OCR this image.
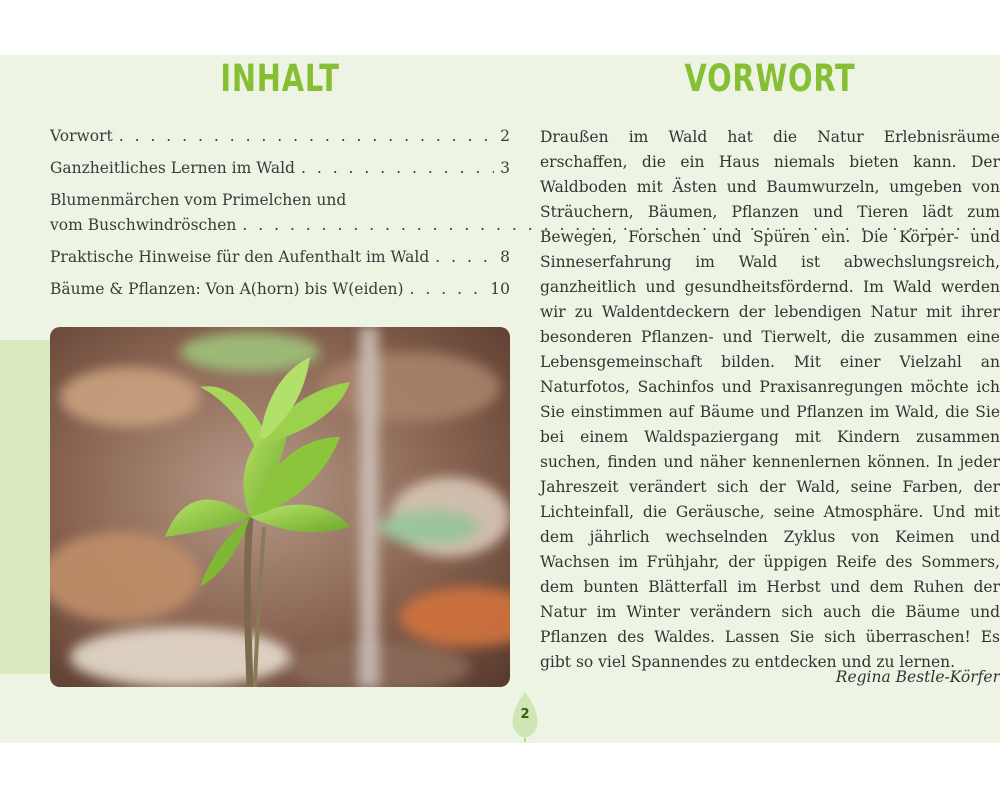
INHALT	VORWORT
Vorwort . . .	2
Ganzheitliches Lernen im Wald . . .	3
Blumenmärchen vom Primelchen und
vom Buschwindröschen
. . .
Praktische Hinweise für den Aufenthalt im Wald . . .	8
Bäume & Pflanzen: Von A(horn) bis W(eiden) . . .	10
Draußen im Wald hat die Natur Erlebnisräume erschaffen, die ein Haus niemals bieten kann. Der Waldboden mit Ästen und Baumwurzeln, umgeben von Sträuchern, Bäumen, Pflanzen und Tieren lädt zum Bewegen, Forschen und Spüren ein. Die Körper- und Sinneserfahrung im Wald ist abwechslungsreich, ganzheitlich und gesundheitsfördernd. Im Wald werden wir zu Waldentdeckern der lebendigen Natur mit ihrer besonderen Pflanzen- und Tierwelt, die zusammen eine Lebensgemeinschaft bilden. Mit einer Vielzahl an Naturfotos, Sachinfos und Praxisanregungen möchte ich Sie einstimmen auf Bäume und Pflanzen im Wald, die Sie bei einem Waldspaziergang mit Kindern zusammen suchen, finden und näher kennenlernen können. In jeder Jahreszeit verändert sich der Wald, seine Farben, der Lichteinfall, die Geräusche, seine Atmosphäre. Und mit dem jährlich wechselnden Zyklus von Keimen und Wachsen im Frühjahr, der üppigen Reife des Sommers, dem bunten Blätterfall im Herbst und dem Ruhen der Natur im Winter verändern sich auch die Bäume und Pflanzen des Waldes. Lassen Sie sich überraschen! Es gibt so viel Spannendes zu entdecken und zu lernen.
Regina Bestle-Körfer
2
